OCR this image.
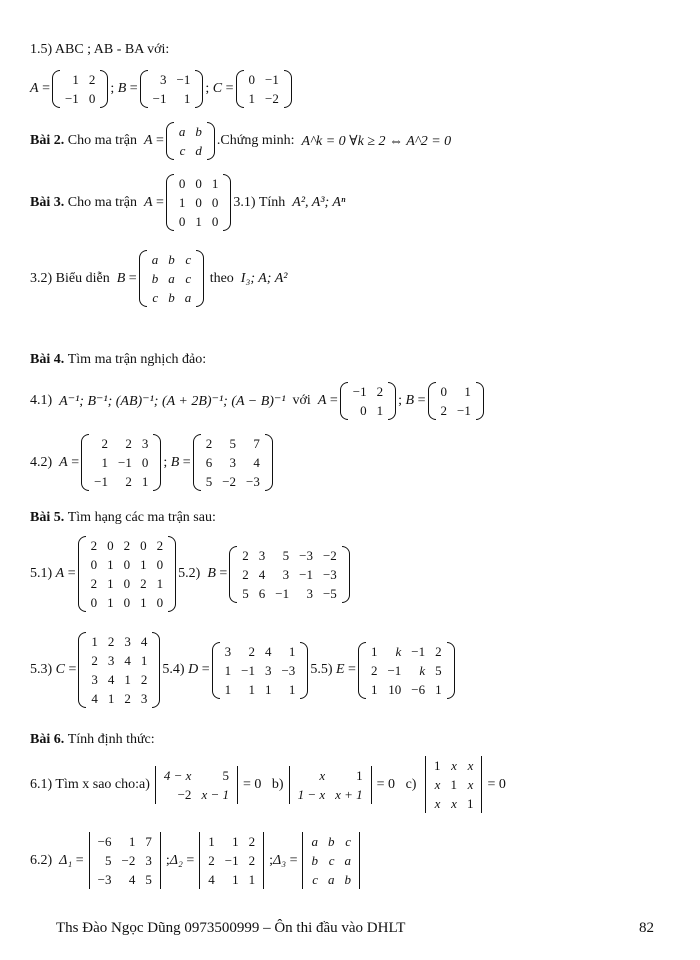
1.5) ABC ; AB - BA với:
A =
1	2
−1	0
; B =
3	−1
−1	1
; C =
0	−1
1	−2
Bài 2.
Cho ma trận
A =
a	b
c	d
.Chứng minh:
A^k = 0 ∀k ≥ 2 ⇔ A^2 = 0
Bài 3.
Cho ma trận
A =
0	0	1
1	0	0
0	1	0
3.1) Tính
A², A³; Aⁿ
3.2) Biểu diễn
B =
a	b	c
b	a	c
c	b	a

theo
I₃; A; A²
Bài 4.
Tìm ma trận nghịch đảo:
4.1)
A⁻¹; B⁻¹; (AB)⁻¹; (A + 2B)⁻¹; (A − B)⁻¹
với
A =
−1	2
0	1
; B =
0	1
2	−1
4.2)
A =
2	2	3
1	−1	0
−1	2	1
; B =
2	5	7
6	3	4
5	−2	−3
Bài 5.
Tìm hạng các ma trận sau:
5.1)
A =
2	0	2	0	2
0	1	0	1	0
2	1	0	2	1
0	1	0	1	0
5.2)
B =
2	3	5	−3	−2
2	4	3	−1	−3
5	6	−1	3	−5
5.3)
C =
1	2	3	4
2	3	4	1
3	4	1	2
4	1	2	3
5.4)
D =
3	2	4	1
1	−1	3	−3
1	1	1	1
5.5)
E =
1	k	−1	2
2	−1	k	5
1	10	−6	1
Bài 6.
Tính định thức:
6.1) Tìm x sao cho:a)
4 − x	5
−2	x − 1
= 0
b)
x	1
1 − x	x + 1
= 0
c)

1	x	x
x	1	x
x	x	1
= 0
6.2)
Δ₁ =
−6	1	7
5	−2	3
−3	4	5
; Δ₂ =
1	1	2
2	−1	2
4	1	1
; Δ₃ =
a	b	c
b	c	a
c	a	b
Ths Đào Ngọc Dũng 0973500999 – Ôn thi đầu vào DHLT	82
